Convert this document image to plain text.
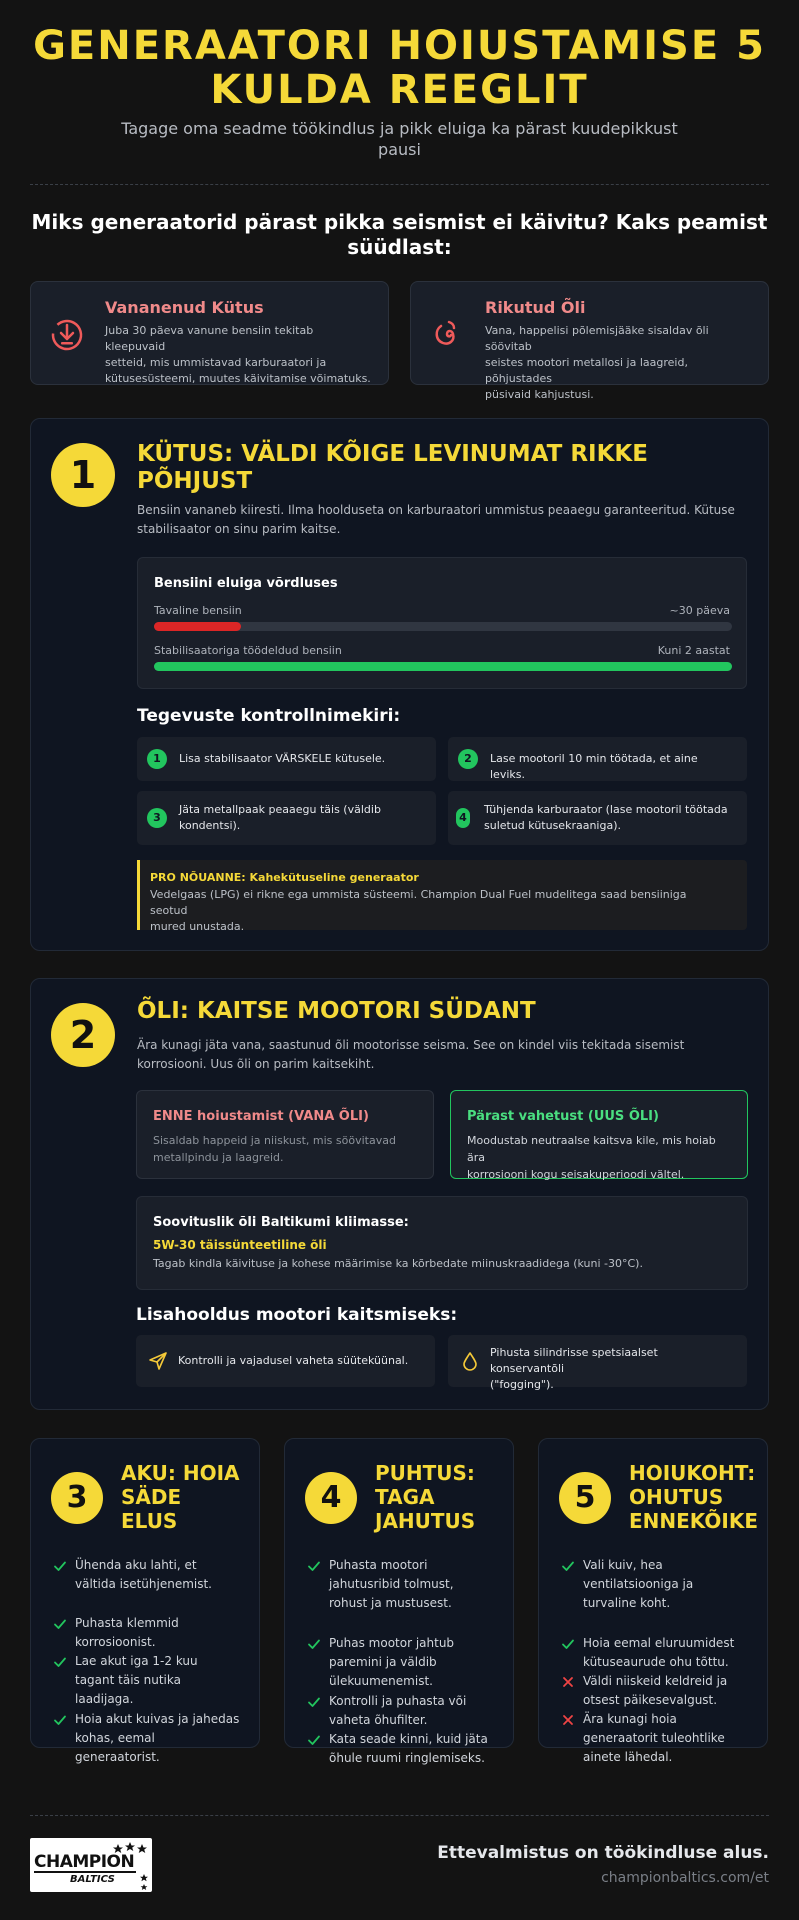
GENERAATORI HOIUSTAMISE 5
KULDA REEGLIT
Tagage oma seadme töökindlus ja pikk eluiga ka pärast kuudepikkust
pausi
Miks generaatorid pärast pikka seismist ei käivitu? Kaks peamist
süüdlast:
Vananenud Kütus
Juba 30 päeva vanune bensiin tekitab kleepuvaid
setteid, mis ummistavad karburaatori ja
kütusesüsteemi, muutes käivitamise võimatuks.
Rikutud Õli
Vana, happelisi põlemisjääke sisaldav õli söövitab
seistes mootori metallosi ja laagreid, põhjustades
püsivaid kahjustusi.
1	KÜTUS: VÄLDI KÕIGE LEVINUMAT RIKKE
PÕHJUST
Bensiin vananeb kiiresti. Ilma hoolduseta on karburaatori ummistus peaaegu garanteeritud. Kütuse
stabilisaator on sinu parim kaitse.
Bensiini eluiga võrdluses
Tavaline bensiin	~30 päeva
Stabilisaatoriga töödeldud bensiin	Kuni 2 aastat
Tegevuste kontrollnimekiri:
1	Lisa stabilisaator VÄRSKELE kütusele.	2	Lase mootoril 10 min töötada, et aine leviks.
3
Jäta metallpaak peaaegu täis (väldib
kondentsi).
4
Tühjenda karburaator (lase mootoril töötada
suletud kütusekraaniga).
PRO NÕUANNE: Kahekütuseline generaator
Vedelgaas (LPG) ei rikne ega ummista süsteemi. Champion Dual Fuel mudelitega saad bensiiniga seotud
mured unustada.
2
ÕLI: KAITSE MOOTORI SÜDANT
Ära kunagi jäta vana, saastunud õli mootorisse seisma. See on kindel viis tekitada sisemist
korrosiooni. Uus õli on parim kaitsekiht.
ENNE hoiustamist (VANA ÕLI)
Sisaldab happeid ja niiskust, mis söövitavad
metallpindu ja laagreid.
Pärast vahetust (UUS ÕLI)
Moodustab neutraalse kaitsva kile, mis hoiab ära
korrosiooni kogu seisakuperioodi vältel.
Soovituslik õli Baltikumi kliimasse:
5W-30 täissünteetiline õli
Tagab kindla käivituse ja kohese määrimise ka kõrbedate miinuskraadidega (kuni -30°C).
Lisahooldus mootori kaitsmiseks:
Kontrolli ja vajadusel vaheta süüteküünal.
Pihusta silindrisse spetsiaalset konservantõli
("fogging").
3
AKU: HOIA
SÄDE
ELUS
Ühenda aku lahti, et
vältida isetühjenemist.
Puhasta klemmid
korrosioonist.
Lae akut iga 1-2 kuu
tagant täis nutika
laadijaga.
Hoia akut kuivas ja jahedas
kohas, eemal
generaatorist.
4
PUHTUS:
TAGA
JAHUTUS
Puhasta mootori
jahutusribid tolmust,
rohust ja mustusest.
Puhas mootor jahtub
paremini ja väldib
ülekuumenemist.
Kontrolli ja puhasta või
vaheta õhufilter.
Kata seade kinni, kuid jäta
õhule ruumi ringlemiseks.
5
HOIUKOHT:
OHUTUS
ENNEKÕIKE
Vali kuiv, hea
ventilatsiooniga ja
turvaline koht.
Hoia eemal eluruumidest
kütuseaurude ohu tõttu.
Väldi niiskeid keldreid ja
otsest päikesevalgust.
Ära kunagi hoia
generaatorit tuleohtlike
ainete lähedal.
CHAMPION
BALTICS
Ettevalmistus on töökindluse alus.
championbaltics.com/et
